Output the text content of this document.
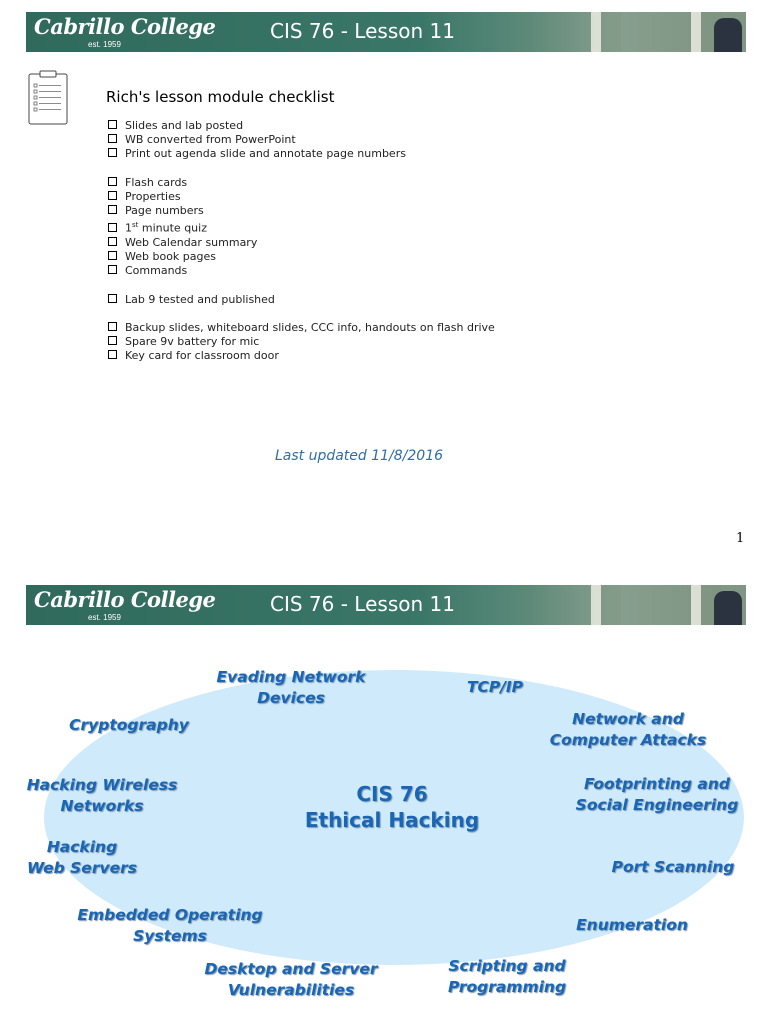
Cabrillo College
est. 1959
CIS 76 - Lesson 11
Rich's lesson module checklist
Slides and lab posted
WB converted from PowerPoint
Print out agenda slide and annotate page numbers
Flash cards
Properties
Page numbers
1st minute quiz
Web Calendar summary
Web book pages
Commands
Lab 9 tested and published
Backup slides, whiteboard slides, CCC info, handouts on flash drive
Spare 9v battery for mic
Key card for classroom door
Last updated 11/8/2016
1
Cabrillo College
est. 1959
CIS 76 - Lesson 11
CIS 76
Ethical Hacking
Evading Network
Devices
TCP/IP
Cryptography	Network and
Computer Attacks
Hacking Wireless
Networks
Footprinting and
Social Engineering
Hacking
Web Servers	Port Scanning
Embedded Operating
Systems
Enumeration
Desktop and Server
Vulnerabilities
Scripting and
Programming
